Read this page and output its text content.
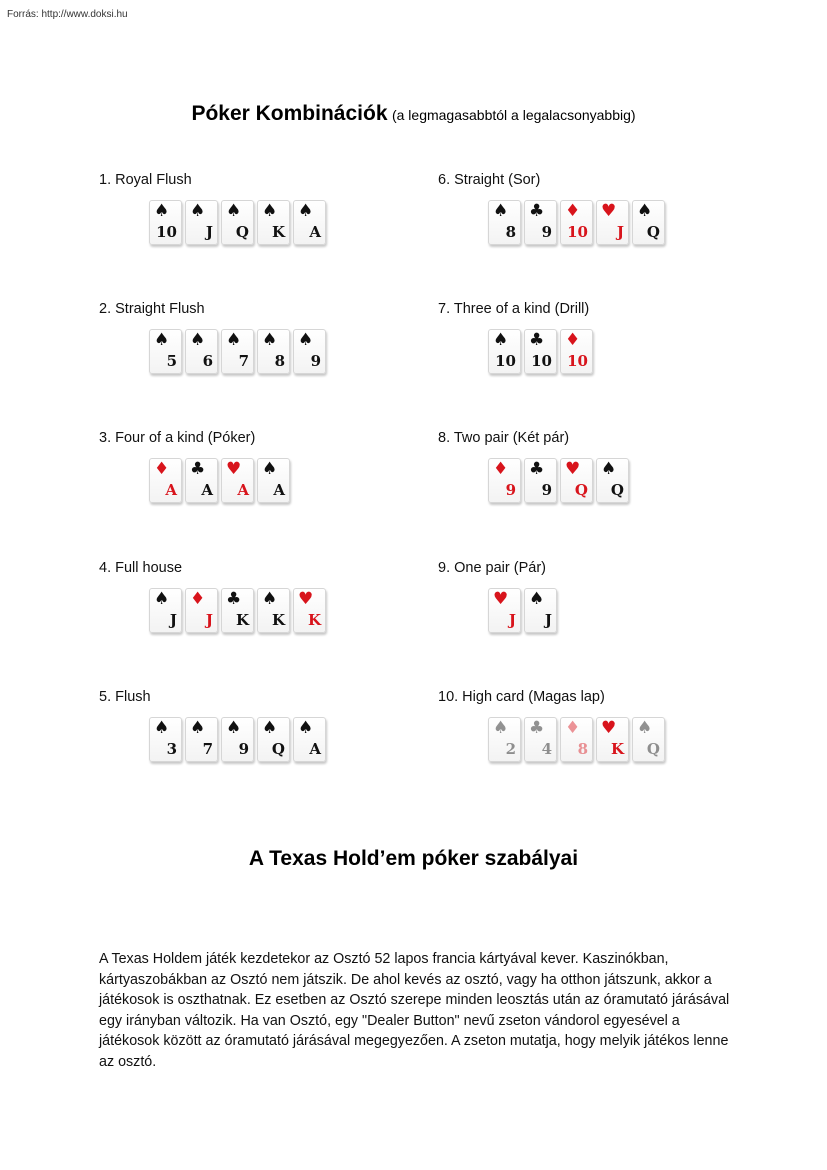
Forrás: http://www.doksi.hu
Póker Kombinációk (a legmagasabbtól a legalacsonyabbig)
1. Royal Flush
♠
10
♠
J
♠
Q
♠
K
♠
A
2. Straight Flush
♠
5
♠
6
♠
7
♠
8
♠
9
3. Four of a kind (Póker)
♦
A
♣
A
♥
A
♠
A
4. Full house
♠
J
♦
J
♣
K
♠
K
♥
K
5. Flush
♠
3
♠
7
♠
9
♠
Q
♠
A
6. Straight (Sor)
♠
8
♣
9
♦
10
♥
J
♠
Q
7. Three of a kind (Drill)
♠
10
♣
10
♦
10
8. Two pair (Két pár)
♦
9
♣
9
♥
Q
♠
Q
9. One pair (Pár)
♥
J
♠
J
10. High card (Magas lap)
♠
2
♣
4
♦
8
♥
K
♠
Q
A Texas Hold’em póker szabályai

A Texas Holdem játék kezdetekor az Osztó 52 lapos francia kártyával kever. Kaszinókban, kártyaszobákban az Osztó nem játszik. De ahol kevés az osztó, vagy ha otthon játszunk, akkor a játékosok is oszthatnak. Ez esetben az Osztó szerepe minden leosztás után az óramutató járásával egy irányban változik. Ha van Osztó, egy "Dealer Button" nevű zseton vándorol egyesével a játékosok között az óramutató járásával megegyezően. A zseton mutatja, hogy melyik játékos lenne az osztó.
